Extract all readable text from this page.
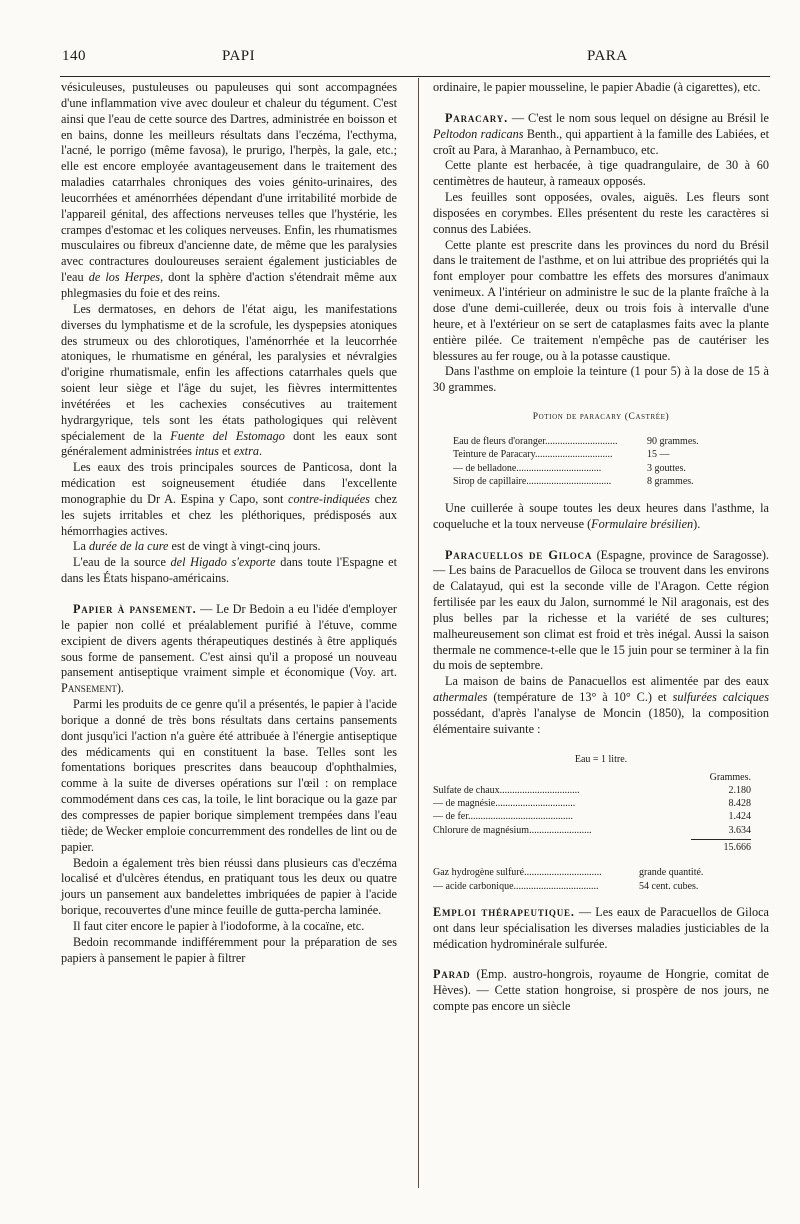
140	PAPI	PARA

vésiculeuses, pustuleuses ou papuleuses qui sont accompagnées d'une inflammation vive avec douleur et chaleur du tégument. C'est ainsi que l'eau de cette source des Dartres, administrée en boisson et en bains, donne les meilleurs résultats dans l'eczéma, l'ecthyma, l'acné, le porrigo (même favosa), le prurigo, l'herpès, la gale, etc.; elle est encore employée avantageusement dans le traitement des maladies catarrhales chroniques des voies génito-urinaires, des leucorrhées et aménorrhées dépendant d'une irritabilité morbide de l'appareil génital, des affections nerveuses telles que l'hystérie, les crampes d'estomac et les coliques nerveuses. Enfin, les rhumatismes musculaires ou fibreux d'ancienne date, de même que les paralysies avec contractures douloureuses seraient également justiciables de l'eau de los Herpes, dont la sphère d'action s'étendrait même aux phlegmasies du foie et des reins.

Les dermatoses, en dehors de l'état aigu, les manifestations diverses du lymphatisme et de la scrofule, les dyspepsies atoniques des strumeux ou des chlorotiques, l'aménorrhée et la leucorrhée atoniques, le rhumatisme en général, les paralysies et névralgies d'origine rhumatismale, enfin les affections catarrhales quels que soient leur siège et l'âge du sujet, les fièvres intermittentes invétérées et les cachexies consécutives au traitement hydrargyrique, tels sont les états pathologiques qui relèvent spécialement de la Fuente del Estomago dont les eaux sont généralement administrées intus et extra.

Les eaux des trois principales sources de Panticosa, dont la médication est soigneusement étudiée dans l'excellente monographie du Dr A. Espina y Capo, sont contre-indiquées chez les sujets irritables et chez les pléthoriques, prédisposés aux hémorrhagies actives.

La durée de la cure est de vingt à vingt-cinq jours.

L'eau de la source del Higado s'exporte dans toute l'Espagne et dans les États hispano-américains.

Papier à pansement. — Le Dr Bedoin a eu l'idée d'employer le papier non collé et préalablement purifié à l'étuve, comme excipient de divers agents thérapeutiques destinés à être appliqués sous forme de pansement. C'est ainsi qu'il a proposé un nouveau pansement antiseptique vraiment simple et économique (Voy. art. Pansement).

Parmi les produits de ce genre qu'il a présentés, le papier à l'acide borique a donné de très bons résultats dans certains pansements dont jusqu'ici l'action n'a guère été attribuée à l'énergie antiseptique des médicaments qui en constituent la base. Telles sont les fomentations boriques prescrites dans beaucoup d'ophthalmies, comme à la suite de diverses opérations sur l'œil : on remplace commodément dans ces cas, la toile, le lint boracique ou la gaze par des compresses de papier borique simplement trempées dans l'eau tiède; de Wecker emploie concurremment des rondelles de lint ou de papier.

Bedoin a également très bien réussi dans plusieurs cas d'eczéma localisé et d'ulcères étendus, en pratiquant tous les deux ou quatre jours un pansement aux bandelettes imbriquées de papier à l'acide borique, recouvertes d'une mince feuille de gutta-percha laminée.

Il faut citer encore le papier à l'iodoforme, à la cocaïne, etc.

Bedoin recommande indifféremment pour la préparation de ses papiers à pansement le papier à filtrer

ordinaire, le papier mousseline, le papier Abadie (à cigarettes), etc.

Paracary. — C'est le nom sous lequel on désigne au Brésil le Peltodon radicans Benth., qui appartient à la famille des Labiées, et croît au Para, à Maranhao, à Pernambuco, etc.

Cette plante est herbacée, à tige quadrangulaire, de 30 à 60 centimètres de hauteur, à rameaux opposés.

Les feuilles sont opposées, ovales, aiguës. Les fleurs sont disposées en corymbes. Elles présentent du reste les caractères si connus des Labiées.

Cette plante est prescrite dans les provinces du nord du Brésil dans le traitement de l'asthme, et on lui attribue des propriétés qui la font employer pour combattre les effets des morsures d'animaux venimeux. A l'intérieur on administre le suc de la plante fraîche à la dose d'une demi-cuillerée, deux ou trois fois à intervalle d'une heure, et à l'extérieur on se sert de cataplasmes faits avec la plante entière pilée. Ce traitement n'empêche pas de cautériser les blessures au fer rouge, ou à la potasse caustique.

Dans l'asthme on emploie la teinture (1 pour 5) à la dose de 15 à 30 grammes.

Potion de paracary (Castrée)
Eau de fleurs d'oranger.............................	90 grammes.
Teinture de Paracary...............................	15 —
— de belladone..................................	3 gouttes.
Sirop de capillaire..................................	8 grammes.

Une cuillerée à soupe toutes les deux heures dans l'asthme, la coqueluche et la toux nerveuse (Formulaire brésilien).

Paracuellos de Giloca (Espagne, province de Saragosse). — Les bains de Paracuellos de Giloca se trouvent dans les environs de Calatayud, qui est la seconde ville de l'Aragon. Cette région fertilisée par les eaux du Jalon, surnommé le Nil aragonais, est des plus belles par la richesse et la variété de ses cultures; malheureusement son climat est froid et très inégal. Aussi la saison thermale ne commence-t-elle que le 15 juin pour se terminer à la fin du mois de septembre.

La maison de bains de Panacuellos est alimentée par des eaux athermales (température de 13° à 10° C.) et sulfurées calciques possédant, d'après l'analyse de Moncin (1850), la composition élémentaire suivante :

Eau = 1 litre.
Grammes.
Sulfate de chaux................................	2.180
— de magnésie................................	8.428
— de fer..........................................	1.424
Chlorure de magnésium.........................	3.634
15.666
Gaz hydrogène sulfuré...............................	grande quantité.
— acide carbonique..................................	54 cent. cubes.

Emploi thérapeutique. — Les eaux de Paracuellos de Giloca ont dans leur spécialisation les diverses maladies justiciables de la médication hydrominérale sulfurée.

Parad (Emp. austro-hongrois, royaume de Hongrie, comitat de Hèves). — Cette station hongroise, si prospère de nos jours, ne compte pas encore un siècle
